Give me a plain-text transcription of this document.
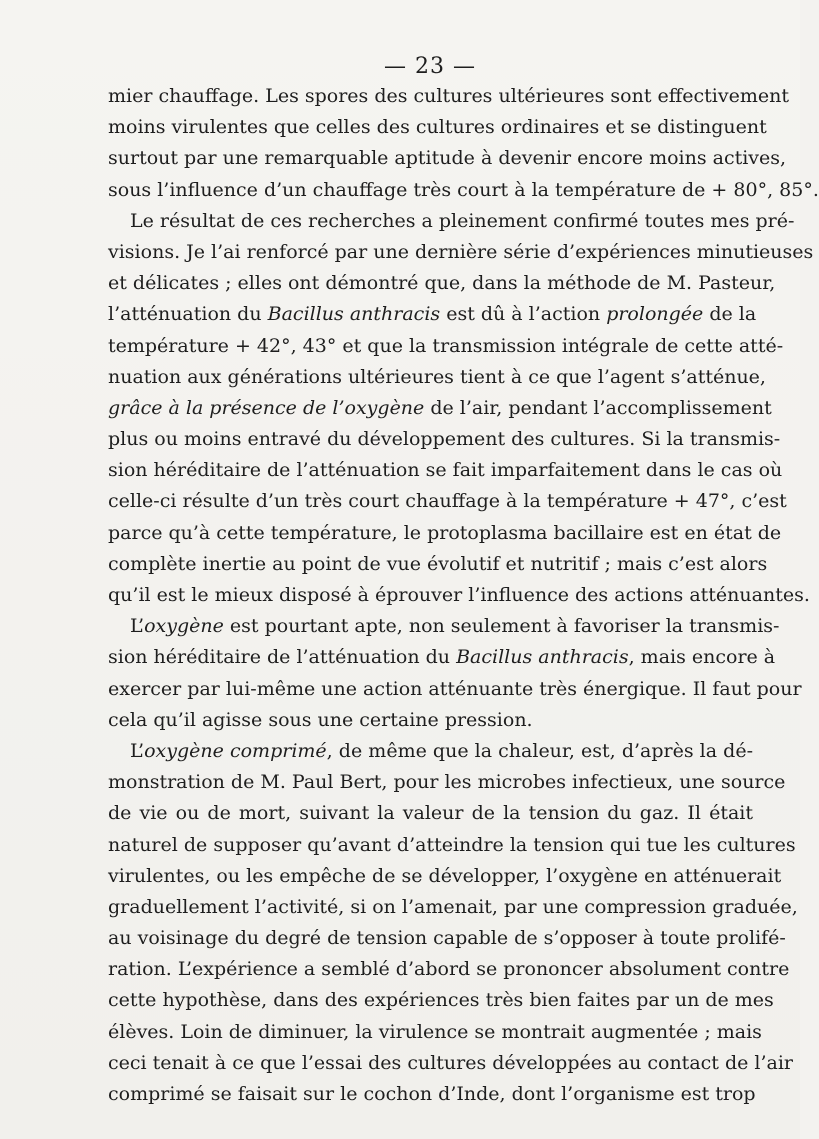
— 23 —
mier chauffage. Les spores des cultures ultérieures sont effectivement
moins virulentes que celles des cultures ordinaires et se distinguent
surtout par une remarquable aptitude à devenir encore moins actives,
sous l’influence d’un chauffage très court à la température de + 80°, 85°.
Le résultat de ces recherches a pleinement confirmé toutes mes pré-
visions. Je l’ai renforcé par une dernière série d’expériences minutieuses
et délicates ; elles ont démontré que, dans la méthode de M. Pasteur,
l’atténuation du Bacillus anthracis est dû à l’action prolongée de la
température + 42°, 43° et que la transmission intégrale de cette atté-
nuation aux générations ultérieures tient à ce que l’agent s’atténue,
grâce à la présence de l’oxygène de l’air, pendant l’accomplissement
plus ou moins entravé du développement des cultures. Si la transmis-
sion héréditaire de l’atténuation se fait imparfaitement dans le cas où
celle-ci résulte d’un très court chauffage à la température + 47°, c’est
parce qu’à cette température, le protoplasma bacillaire est en état de
complète inertie au point de vue évolutif et nutritif ; mais c’est alors
qu’il est le mieux disposé à éprouver l’influence des actions atténuantes.
L’oxygène est pourtant apte, non seulement à favoriser la transmis-
sion héréditaire de l’atténuation du Bacillus anthracis, mais encore à
exercer par lui-même une action atténuante très énergique. Il faut pour
cela qu’il agisse sous une certaine pression.
L’oxygène comprimé, de même que la chaleur, est, d’après la dé-
monstration de M. Paul Bert, pour les microbes infectieux, une source
de vie ou de mort, suivant la valeur de la tension du gaz. Il était
naturel de supposer qu’avant d’atteindre la tension qui tue les cultures
virulentes, ou les empêche de se développer, l’oxygène en atténuerait
graduellement l’activité, si on l’amenait, par une compression graduée,
au voisinage du degré de tension capable de s’opposer à toute prolifé-
ration. L’expérience a semblé d’abord se prononcer absolument contre
cette hypothèse, dans des expériences très bien faites par un de mes
élèves. Loin de diminuer, la virulence se montrait augmentée ; mais
ceci tenait à ce que l’essai des cultures développées au contact de l’air
comprimé se faisait sur le cochon d’Inde, dont l’organisme est trop
